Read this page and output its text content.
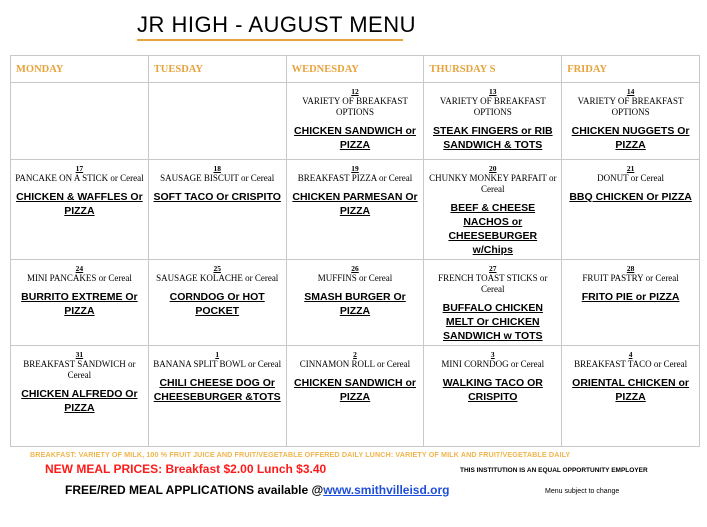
JR HIGH - AUGUST MENU
MONDAY	TUESDAY	WEDNESDAY	THURSDAY S	FRIDAY

		12
VARIETY OF BREAKFAST OPTIONS
CHICKEN SANDWICH or PIZZA	13
VARIETY OF BREAKFAST OPTIONS
STEAK FINGERS or RIB SANDWICH & TOTS	14
VARIETY OF BREAKFAST OPTIONS
CHICKEN NUGGETS Or PIZZA

17
PANCAKE ON A STICK or Cereal
CHICKEN & WAFFLES Or PIZZA	18
SAUSAGE BISCUIT or Cereal
SOFT TACO Or CRISPITO	19
BREAKFAST PIZZA or Cereal
CHICKEN PARMESAN Or PIZZA	20
CHUNKY MONKEY PARFAIT or Cereal
BEEF & CHEESE NACHOS or CHEESEBURGER w/Chips	21
DONUT or Cereal
BBQ CHICKEN Or PIZZA

24
MINI PANCAKES or Cereal
BURRITO EXTREME Or PIZZA	25
SAUSAGE KOLACHE or Cereal
CORNDOG Or HOT POCKET	26
MUFFINS or Cereal
SMASH BURGER Or PIZZA	27
FRENCH TOAST STICKS or Cereal
BUFFALO CHICKEN MELT Or CHICKEN SANDWICH w TOTS	28
FRUIT PASTRY or Cereal
FRITO PIE or PIZZA

31
BREAKFAST SANDWICH or Cereal
CHICKEN ALFREDO Or PIZZA	1
BANANA SPLIT BOWL or Cereal
CHILI CHEESE DOG Or CHEESEBURGER &TOTS	2
CINNAMON ROLL or Cereal
CHICKEN SANDWICH or PIZZA	3
MINI CORNDOG or Cereal
WALKING TACO OR CRISPITO	4
BREAKFAST TACO or Cereal
ORIENTAL CHICKEN or PIZZA
BREAKFAST: VARIETY OF MILK, 100 % FRUIT JUICE AND FRUIT/VEGETABLE OFFERED DAILY LUNCH: VARIETY OF MILK AND FRUIT/VEGETABLE DAILY
NEW MEAL PRICES: Breakfast $2.00 Lunch $3.40	THIS INSTITUTION IS AN EQUAL OPPORTUNITY EMPLOYER
FREE/RED MEAL APPLICATIONS available @www.smithvilleisd.org	Menu subject to change
